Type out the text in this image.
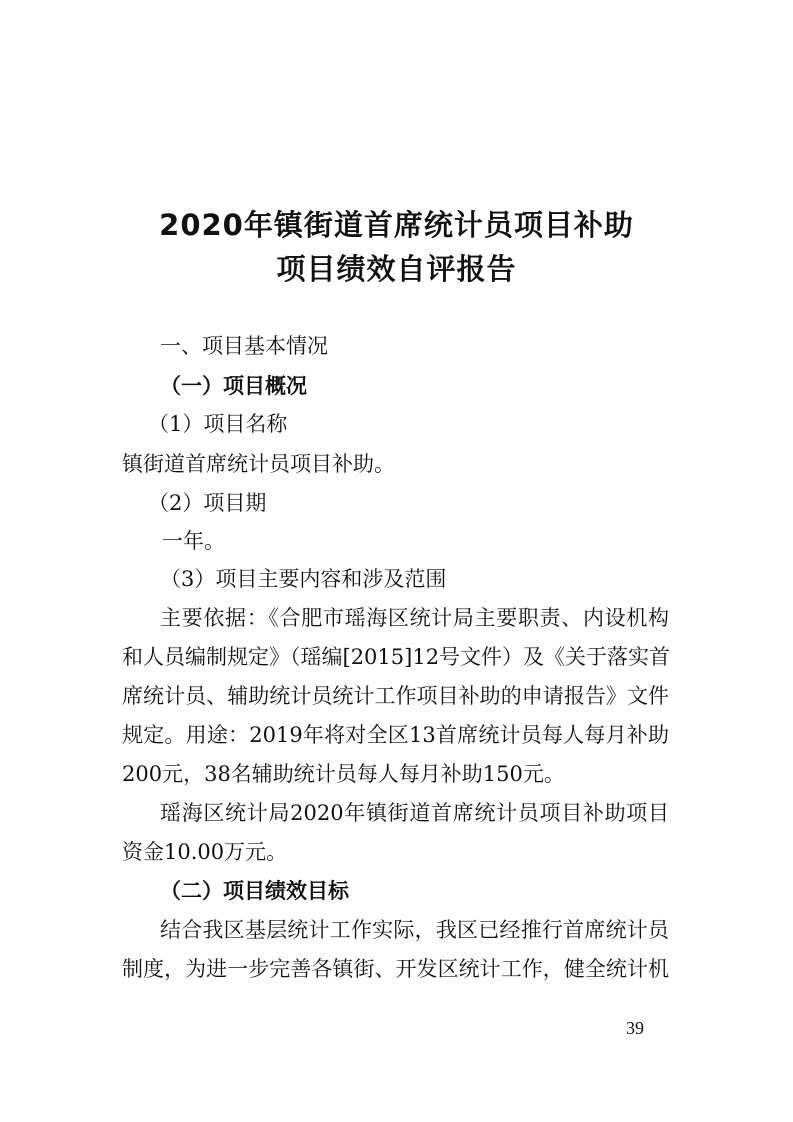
2020年镇街道首席统计员项目补助
项目绩效自评报告
一、项目基本情况
（一）项目概况
（1）项目名称
镇街道首席统计员项目补助。
（2）项目期
一年。
（3）项目主要内容和涉及范围
主要依据：《合肥市瑶海区统计局主要职责、内设机构
和人员编制规定》（瑶编[2015]12号文件）及《关于落实首
席统计员、辅助统计员统计工作项目补助的申请报告》文件
规定。用途：2019年将对全区13首席统计员每人每月补助
200元，38名辅助统计员每人每月补助150元。
瑶海区统计局2020年镇街道首席统计员项目补助项目
资金10.00万元。
（二）项目绩效目标
结合我区基层统计工作实际，我区已经推行首席统计员
制度，为进一步完善各镇街、开发区统计工作，健全统计机
39
